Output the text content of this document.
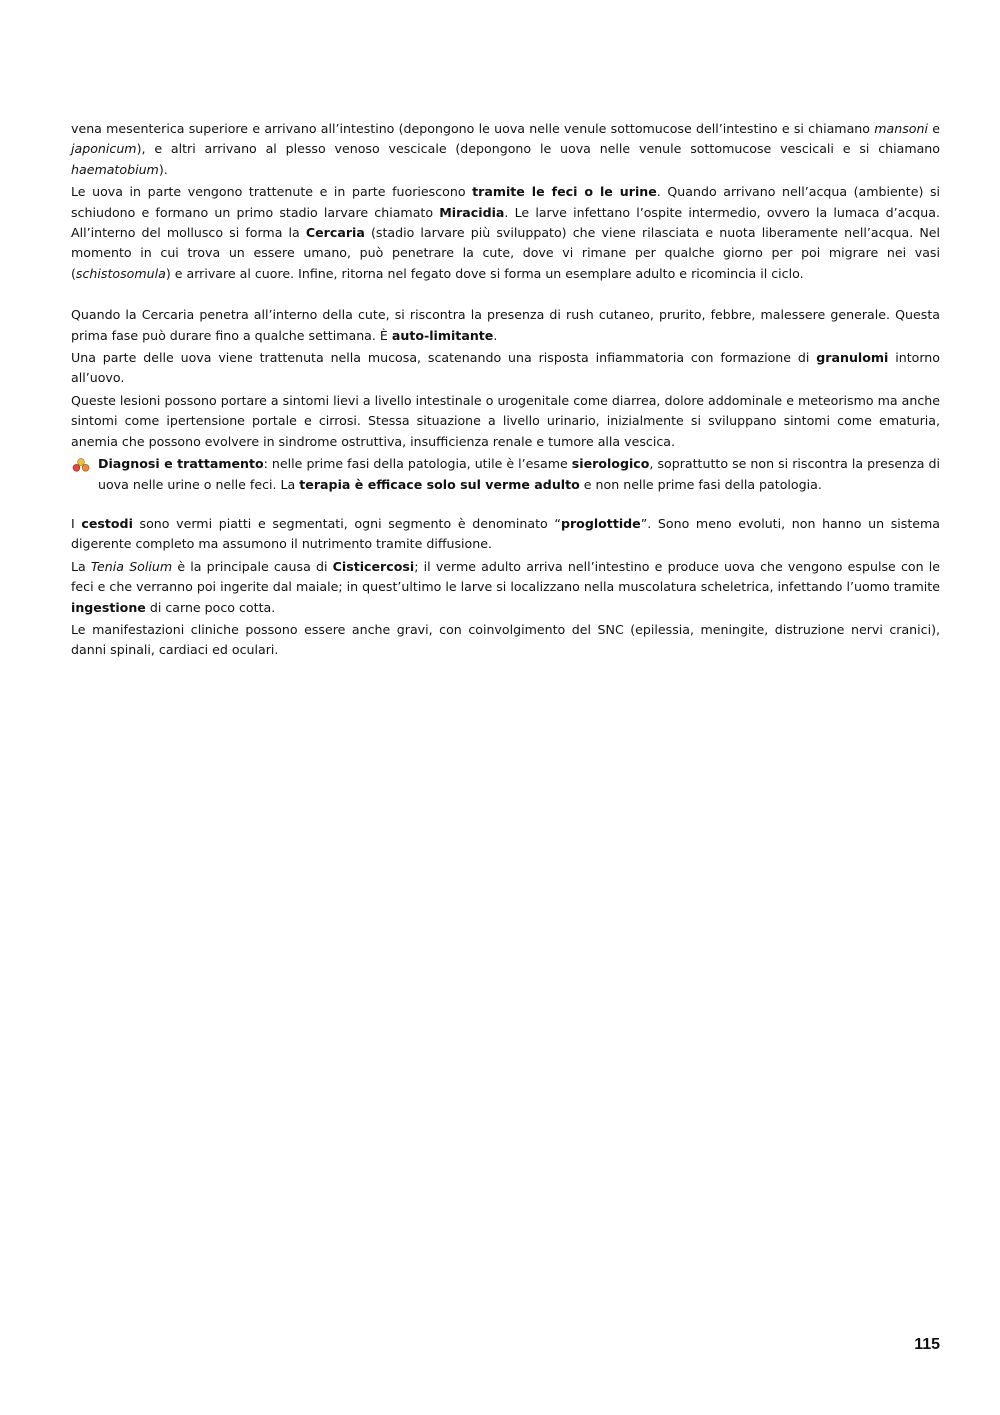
vena mesenterica superiore e arrivano all’intestino (depongono le uova nelle venule sottomucose dell’intestino e si chiamano mansoni e japonicum), e altri arrivano al plesso venoso vescicale (depongono le uova nelle venule sottomucose vescicali e si chiamano haematobium).

Le uova in parte vengono trattenute e in parte fuoriescono tramite le feci o le urine. Quando arrivano nell’acqua (ambiente) si schiudono e formano un primo stadio larvare chiamato Miracidia. Le larve infettano l’ospite intermedio, ovvero la lumaca d’acqua. All’interno del mollusco si forma la Cercaria (stadio larvare più sviluppato) che viene rilasciata e nuota liberamente nell’acqua. Nel momento in cui trova un essere umano, può penetrare la cute, dove vi rimane per qualche giorno per poi migrare nei vasi (schistosomula) e arrivare al cuore. Infine, ritorna nel fegato dove si forma un esemplare adulto e ricomincia il ciclo.

Quando la Cercaria penetra all’interno della cute, si riscontra la presenza di rush cutaneo, prurito, febbre, malessere generale. Questa prima fase può durare fino a qualche settimana. È auto-limitante.

Una parte delle uova viene trattenuta nella mucosa, scatenando una risposta infiammatoria con formazione di granulomi intorno all’uovo.

Queste lesioni possono portare a sintomi lievi a livello intestinale o urogenitale come diarrea, dolore addominale e meteorismo ma anche sintomi come ipertensione portale e cirrosi. Stessa situazione a livello urinario, inizialmente si sviluppano sintomi come ematuria, anemia che possono evolvere in sindrome ostruttiva, insufficienza renale e tumore alla vescica.

Diagnosi e trattamento: nelle prime fasi della patologia, utile è l’esame sierologico, soprattutto se non si riscontra la presenza di uova nelle urine o nelle feci. La terapia è efficace solo sul verme adulto e non nelle prime fasi della patologia.

I cestodi sono vermi piatti e segmentati, ogni segmento è denominato “proglottide”. Sono meno evoluti, non hanno un sistema digerente completo ma assumono il nutrimento tramite diffusione.

La Tenia Solium è la principale causa di Cisticercosi; il verme adulto arriva nell’intestino e produce uova che vengono espulse con le feci e che verranno poi ingerite dal maiale; in quest’ultimo le larve si localizzano nella muscolatura scheletrica, infettando l’uomo tramite ingestione di carne poco cotta.

Le manifestazioni cliniche possono essere anche gravi, con coinvolgimento del SNC (epilessia, meningite, distruzione nervi cranici), danni spinali, cardiaci ed oculari.

115
